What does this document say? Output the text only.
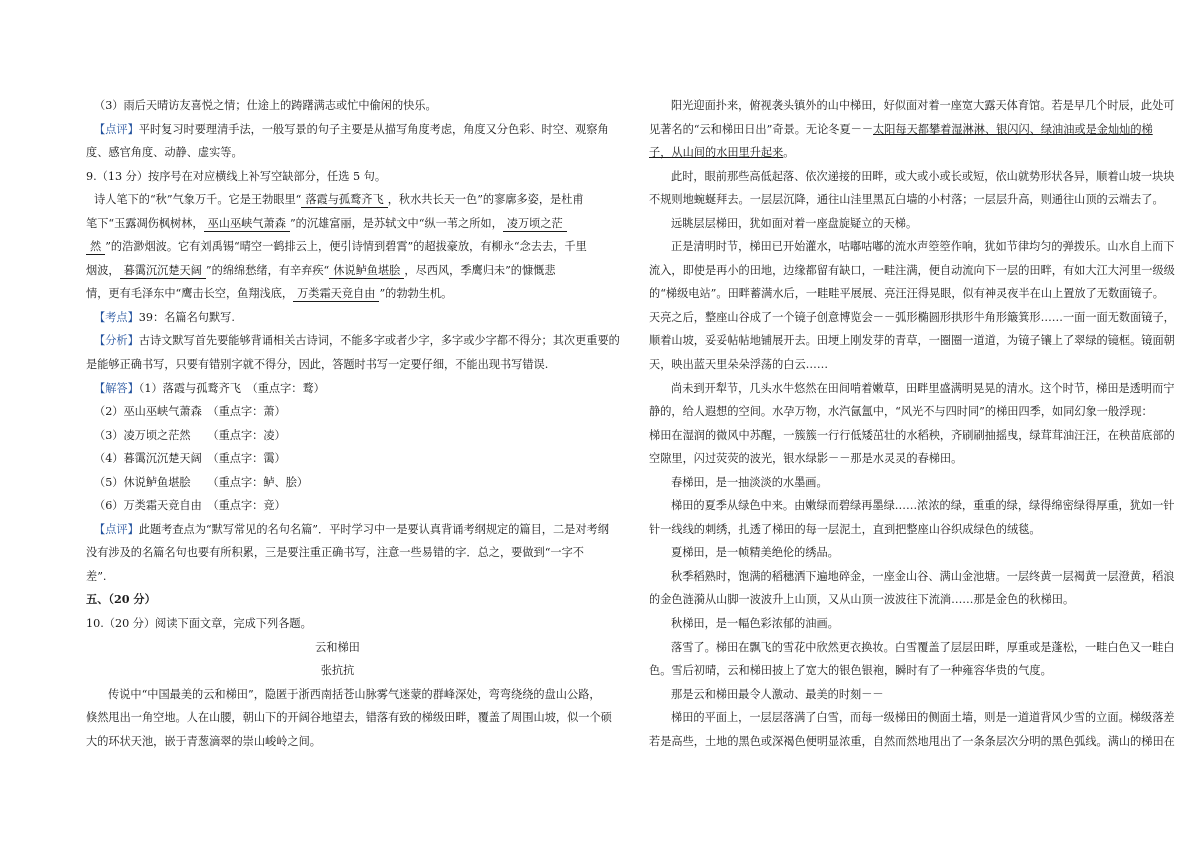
（3）雨后天晴访友喜悦之情；仕途上的踌躇满志或忙中偷闲的快乐。

【点评】平时复习时要理清手法，一般写景的句子主要是从描写角度考虑，角度又分色彩、时空、观察角

度、感官角度、动静、虚实等。

9.（13 分）按序号在对应横线上补写空缺部分，任选 5 句。

诗人笔下的“秋”气象万千。它是王勃眼里“ 落霞与孤鹜齐飞 ，秋水共长天一色”的寥廓多姿，是杜甫

笔下“玉露凋伤枫树林， 巫山巫峡气萧森 ”的沉雄富丽，是苏轼文中“纵一苇之所如， 凌万顷之茫

然 ”的浩渺烟波。它有刘禹锡“晴空一鹤排云上，便引诗情到碧霄”的超拔豪放，有柳永“念去去，千里

烟波， 暮霭沉沉楚天阔 ”的绵绵愁绪，有辛弃疾“ 休说鲈鱼堪脍 ，尽西风，季鹰归未”的慷慨悲

情，更有毛泽东中“鹰击长空，鱼翔浅底， 万类霜天竞自由 ”的勃勃生机。

【考点】39：名篇名句默写.

【分析】古诗文默写首先要能够背诵相关古诗词，不能多字或者少字，多字或少字都不得分；其次更重要的

是能够正确书写，只要有错别字就不得分，因此，答题时书写一定要仔细，不能出现书写错误.

【解答】（1）落霞与孤鹜齐飞　（重点字：鹜）

（2）巫山巫峡气萧森　（重点字：萧）

（3）凌万顷之茫然　　（重点字：凌）

（4）暮霭沉沉楚天阔　（重点字：霭）

（5）休说鲈鱼堪脍　　（重点字：鲈、脍）

（6）万类霜天竞自由　（重点字：竞）

【点评】此题考查点为“默写常见的名句名篇”．平时学习中一是要认真背诵考纲规定的篇目，二是对考纲

没有涉及的名篇名句也要有所积累，三是要注重正确书写，注意一些易错的字．总之，要做到“一字不

差”.

五、（20 分）

10.（20 分）阅读下面文章，完成下列各题。

云和梯田

张抗抗

传说中“中国最美的云和梯田”，隐匿于浙西南括苍山脉雾气迷蒙的群峰深处，弯弯绕绕的盘山公路，

倏然甩出一角空地。人在山腰，朝山下的开阔谷地望去，错落有致的梯级田畔，覆盖了周围山坡，似一个硕

大的环状天池，嵌于青葱滴翠的崇山峻岭之间。

阳光迎面扑来，俯视袭头镇外的山中梯田，好似面对着一座宽大露天体育馆。若是早几个时辰，此处可

见著名的“云和梯田日出”奇景。无论冬夏－－太阳每天都攀着湿淋淋、银闪闪、绿油油或是金灿灿的梯

子，从山间的水田里升起来。

此时，眼前那些高低起落、依次递接的田畔，或大或小或长或短，依山就势形状各异，顺着山坡一块块

不规则地蜿蜒拜去。一层层沉降，通往山洼里黑瓦白墙的小村落；一层层升高，则通往山顶的云端去了。

远眺层层梯田，犹如面对着一座盘旋疑立的天梯。

正是清明时节，梯田已开始灌水，咕嘟咕嘟的流水声箜箜作响，犹如节律均匀的弹拨乐。山水自上而下

流入，即使是再小的田地，边缘都留有缺口，一畦注满，便自动流向下一层的田畔，有如大江大河里一级级

的“梯级电站”。田畔蓄满水后，一畦畦平展展、亮汪汪得晃眼，似有神灵夜半在山上置放了无数面镜子。

天亮之后，整座山谷成了一个镜子创意博览会－－弧形椭圆形拱形牛角形簸箕形……一面一面无数面镜子，

顺着山坡，妥妥帖帖地铺展开去。田埂上刚发芽的青草，一圈圈一道道，为镜子镶上了翠绿的镜框。镜面朝

天，映出蓝天里朵朵浮荡的白云……

尚未到开犁节，几头水牛悠然在田间啃着嫩草，田畔里盛满明晃晃的清水。这个时节，梯田是透明而宁

静的，给人遐想的空间。水孕万物，水汽氤氲中，“风光不与四时同”的梯田四季，如同幻象一般浮现：

梯田在湿润的微风中苏醒，一簇簇一行行低矮茁壮的水稻秧，齐刷刷抽摇曳，绿茸茸油汪汪，在秧苗底部的

空隙里，闪过荧荧的波光，银水绿影－－那是水灵灵的春梯田。

春梯田，是一抽淡淡的水墨画。

梯田的夏季从绿色中来。由嫩绿而碧绿再墨绿……浓浓的绿，重重的绿，绿得绵密绿得厚重，犹如一针

针一线线的刺绣，扎透了梯田的每一层泥土，直到把整座山谷织成绿色的绒毯。

夏梯田，是一帧精美绝伦的绣品。

秋季稻熟时，饱满的稻穗洒下遍地碎金，一座金山谷、满山金池塘。一层终黄一层褐黄一层澄黄，稻浪

的金色涟漪从山脚一波波升上山顶，又从山顶一波波往下流淌……那是金色的秋梯田。

秋梯田，是一幅色彩浓郁的油画。

落雪了。梯田在飘飞的雪花中欣然更衣换妆。白雪覆盖了层层田畔，厚重或是蓬松，一畦白色又一畦白

色。雪后初晴，云和梯田披上了宽大的银色银袍，瞬时有了一种雍容华贵的气度。

那是云和梯田最令人激动、最美的时刻－－

梯田的平面上，一层层落满了白雪，而每一级梯田的侧面土墙，则是一道道背风少雪的立面。梯级落差

若是高些，土地的黑色或深褐色便明显浓重，自然而然地甩出了一条条层次分明的黑色弧线。满山的梯田在
